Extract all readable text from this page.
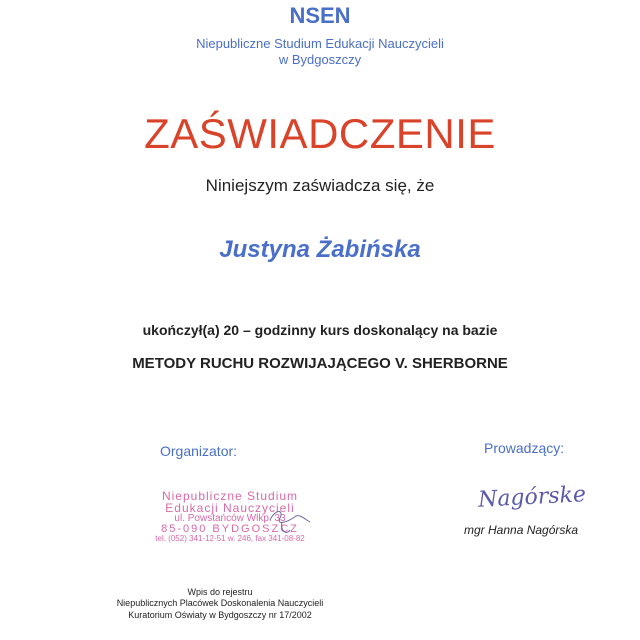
NSEN
Niepubliczne Studium Edukacji Nauczycieli
w Bydgoszczy
ZAŚWIADCZENIE
Niniejszym zaświadcza się, że
Justyna Żabińska
ukończył(a) 20 – godzinny kurs doskonalący na bazie
METODY RUCHU ROZWIJAJĄCEGO V. SHERBORNE
Organizator:	Prowadzący:
Niepubliczne Studium
Edukacji Nauczycieli
ul. Powstańców Wlkp. 33
85-090 BYDGOSZCZ
tel. (052) 341-12-51 w. 246, fax 341-08-82
Nagórske
mgr Hanna Nagórska
Wpis do rejestru
Niepublicznych Placówek Doskonalenia Nauczycieli
Kuratorium Oświaty w Bydgoszczy nr 17/2002
